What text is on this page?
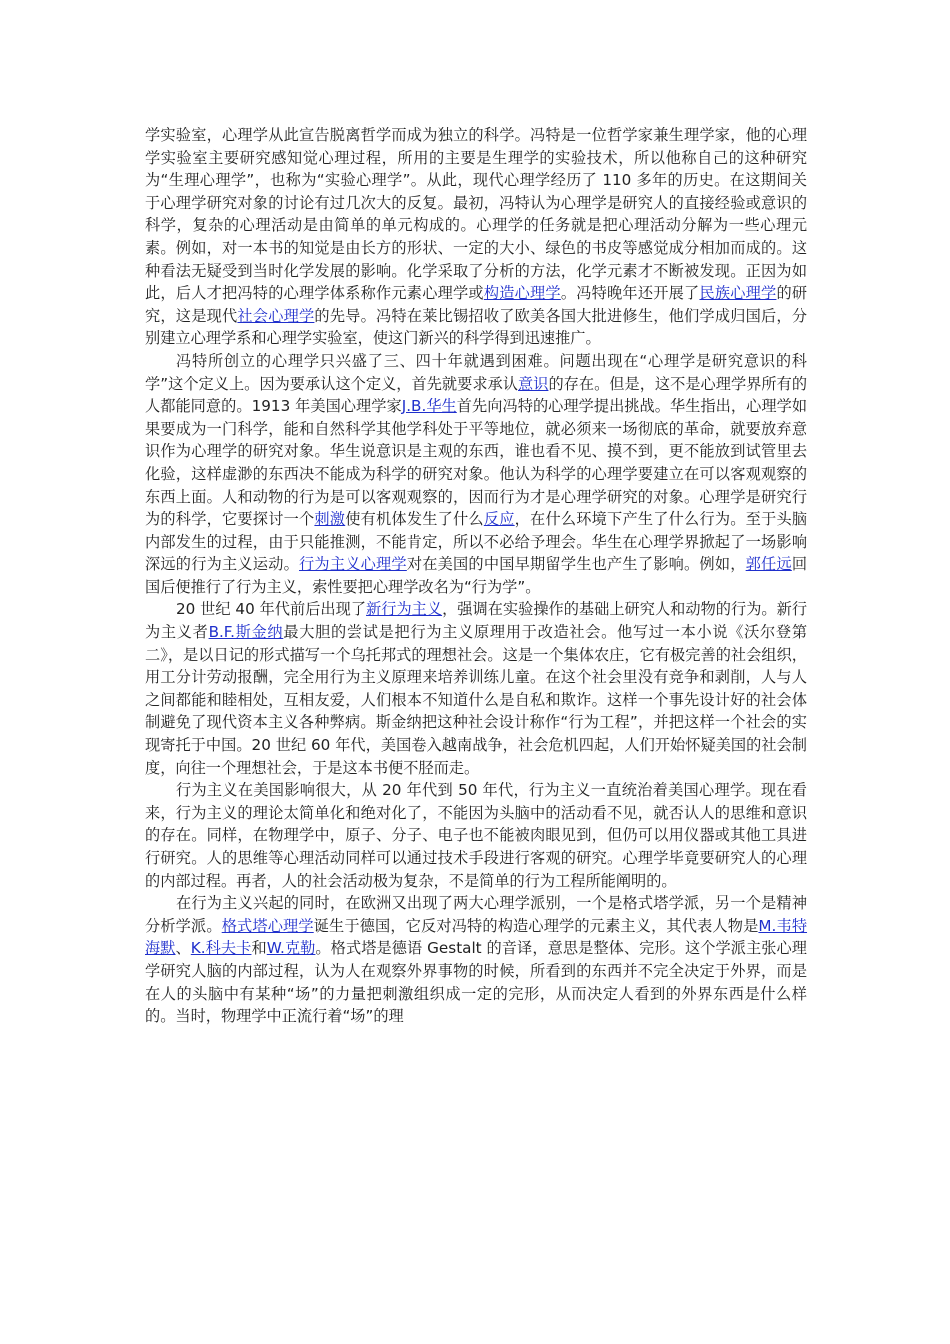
学实验室，心理学从此宣告脱离哲学而成为独立的科学。冯特是一位哲学家兼生理学家，他的心理学实验室主要研究感知觉心理过程，所用的主要是生理学的实验技术，所以他称自己的这种研究为“生理心理学”，也称为“实验心理学”。从此，现代心理学经历了 110 多年的历史。在这期间关于心理学研究对象的讨论有过几次大的反复。最初，冯特认为心理学是研究人的直接经验或意识的科学，复杂的心理活动是由简单的单元构成的。心理学的任务就是把心理活动分解为一些心理元素。例如，对一本书的知觉是由长方的形状、一定的大小、绿色的书皮等感觉成分相加而成的。这种看法无疑受到当时化学发展的影响。化学采取了分析的方法，化学元素才不断被发现。正因为如此，后人才把冯特的心理学体系称作元素心理学或构造心理学。冯特晚年还开展了民族心理学的研究，这是现代社会心理学的先导。冯特在莱比锡招收了欧美各国大批进修生，他们学成归国后，分别建立心理学系和心理学实验室，使这门新兴的科学得到迅速推广。

冯特所创立的心理学只兴盛了三、四十年就遇到困难。问题出现在“心理学是研究意识的科学”这个定义上。因为要承认这个定义，首先就要求承认意识的存在。但是，这不是心理学界所有的人都能同意的。1913 年美国心理学家J.B.华生首先向冯特的心理学提出挑战。华生指出，心理学如果要成为一门科学，能和自然科学其他学科处于平等地位，就必须来一场彻底的革命，就要放弃意识作为心理学的研究对象。华生说意识是主观的东西，谁也看不见、摸不到，更不能放到试管里去化验，这样虚渺的东西决不能成为科学的研究对象。他认为科学的心理学要建立在可以客观观察的东西上面。人和动物的行为是可以客观观察的，因而行为才是心理学研究的对象。心理学是研究行为的科学，它要探讨一个刺激使有机体发生了什么反应，在什么环境下产生了什么行为。至于头脑内部发生的过程，由于只能推测，不能肯定，所以不必给予理会。华生在心理学界掀起了一场影响深远的行为主义运动。行为主义心理学对在美国的中国早期留学生也产生了影响。例如，郭任远回国后便推行了行为主义，索性要把心理学改名为“行为学”。

20 世纪 40 年代前后出现了新行为主义，强调在实验操作的基础上研究人和动物的行为。新行为主义者B.F.斯金纳最大胆的尝试是把行为主义原理用于改造社会。他写过一本小说《沃尔登第二》，是以日记的形式描写一个乌托邦式的理想社会。这是一个集体农庄，它有极完善的社会组织，用工分计劳动报酬，完全用行为主义原理来培养训练儿童。在这个社会里没有竞争和剥削，人与人之间都能和睦相处，互相友爱，人们根本不知道什么是自私和欺诈。这样一个事先设计好的社会体制避免了现代资本主义各种弊病。斯金纳把这种社会设计称作“行为工程”，并把这样一个社会的实现寄托于中国。20 世纪 60 年代，美国卷入越南战争，社会危机四起，人们开始怀疑美国的社会制度，向往一个理想社会，于是这本书便不胫而走。

行为主义在美国影响很大，从 20 年代到 50 年代，行为主义一直统治着美国心理学。现在看来，行为主义的理论太简单化和绝对化了，不能因为头脑中的活动看不见，就否认人的思维和意识的存在。同样，在物理学中，原子、分子、电子也不能被肉眼见到，但仍可以用仪器或其他工具进行研究。人的思维等心理活动同样可以通过技术手段进行客观的研究。心理学毕竟要研究人的心理的内部过程。再者，人的社会活动极为复杂，不是简单的行为工程所能阐明的。

在行为主义兴起的同时，在欧洲又出现了两大心理学派别，一个是格式塔学派，另一个是精神分析学派。格式塔心理学诞生于德国，它反对冯特的构造心理学的元素主义，其代表人物是M.韦特海默、K.科夫卡和W.克勒。格式塔是德语 Gestalt 的音译，意思是整体、完形。这个学派主张心理学研究人脑的内部过程，认为人在观察外界事物的时候，所看到的东西并不完全决定于外界，而是在人的头脑中有某种“场”的力量把刺激组织成一定的完形，从而决定人看到的外界东西是什么样的。当时，物理学中正流行着“场”的理
